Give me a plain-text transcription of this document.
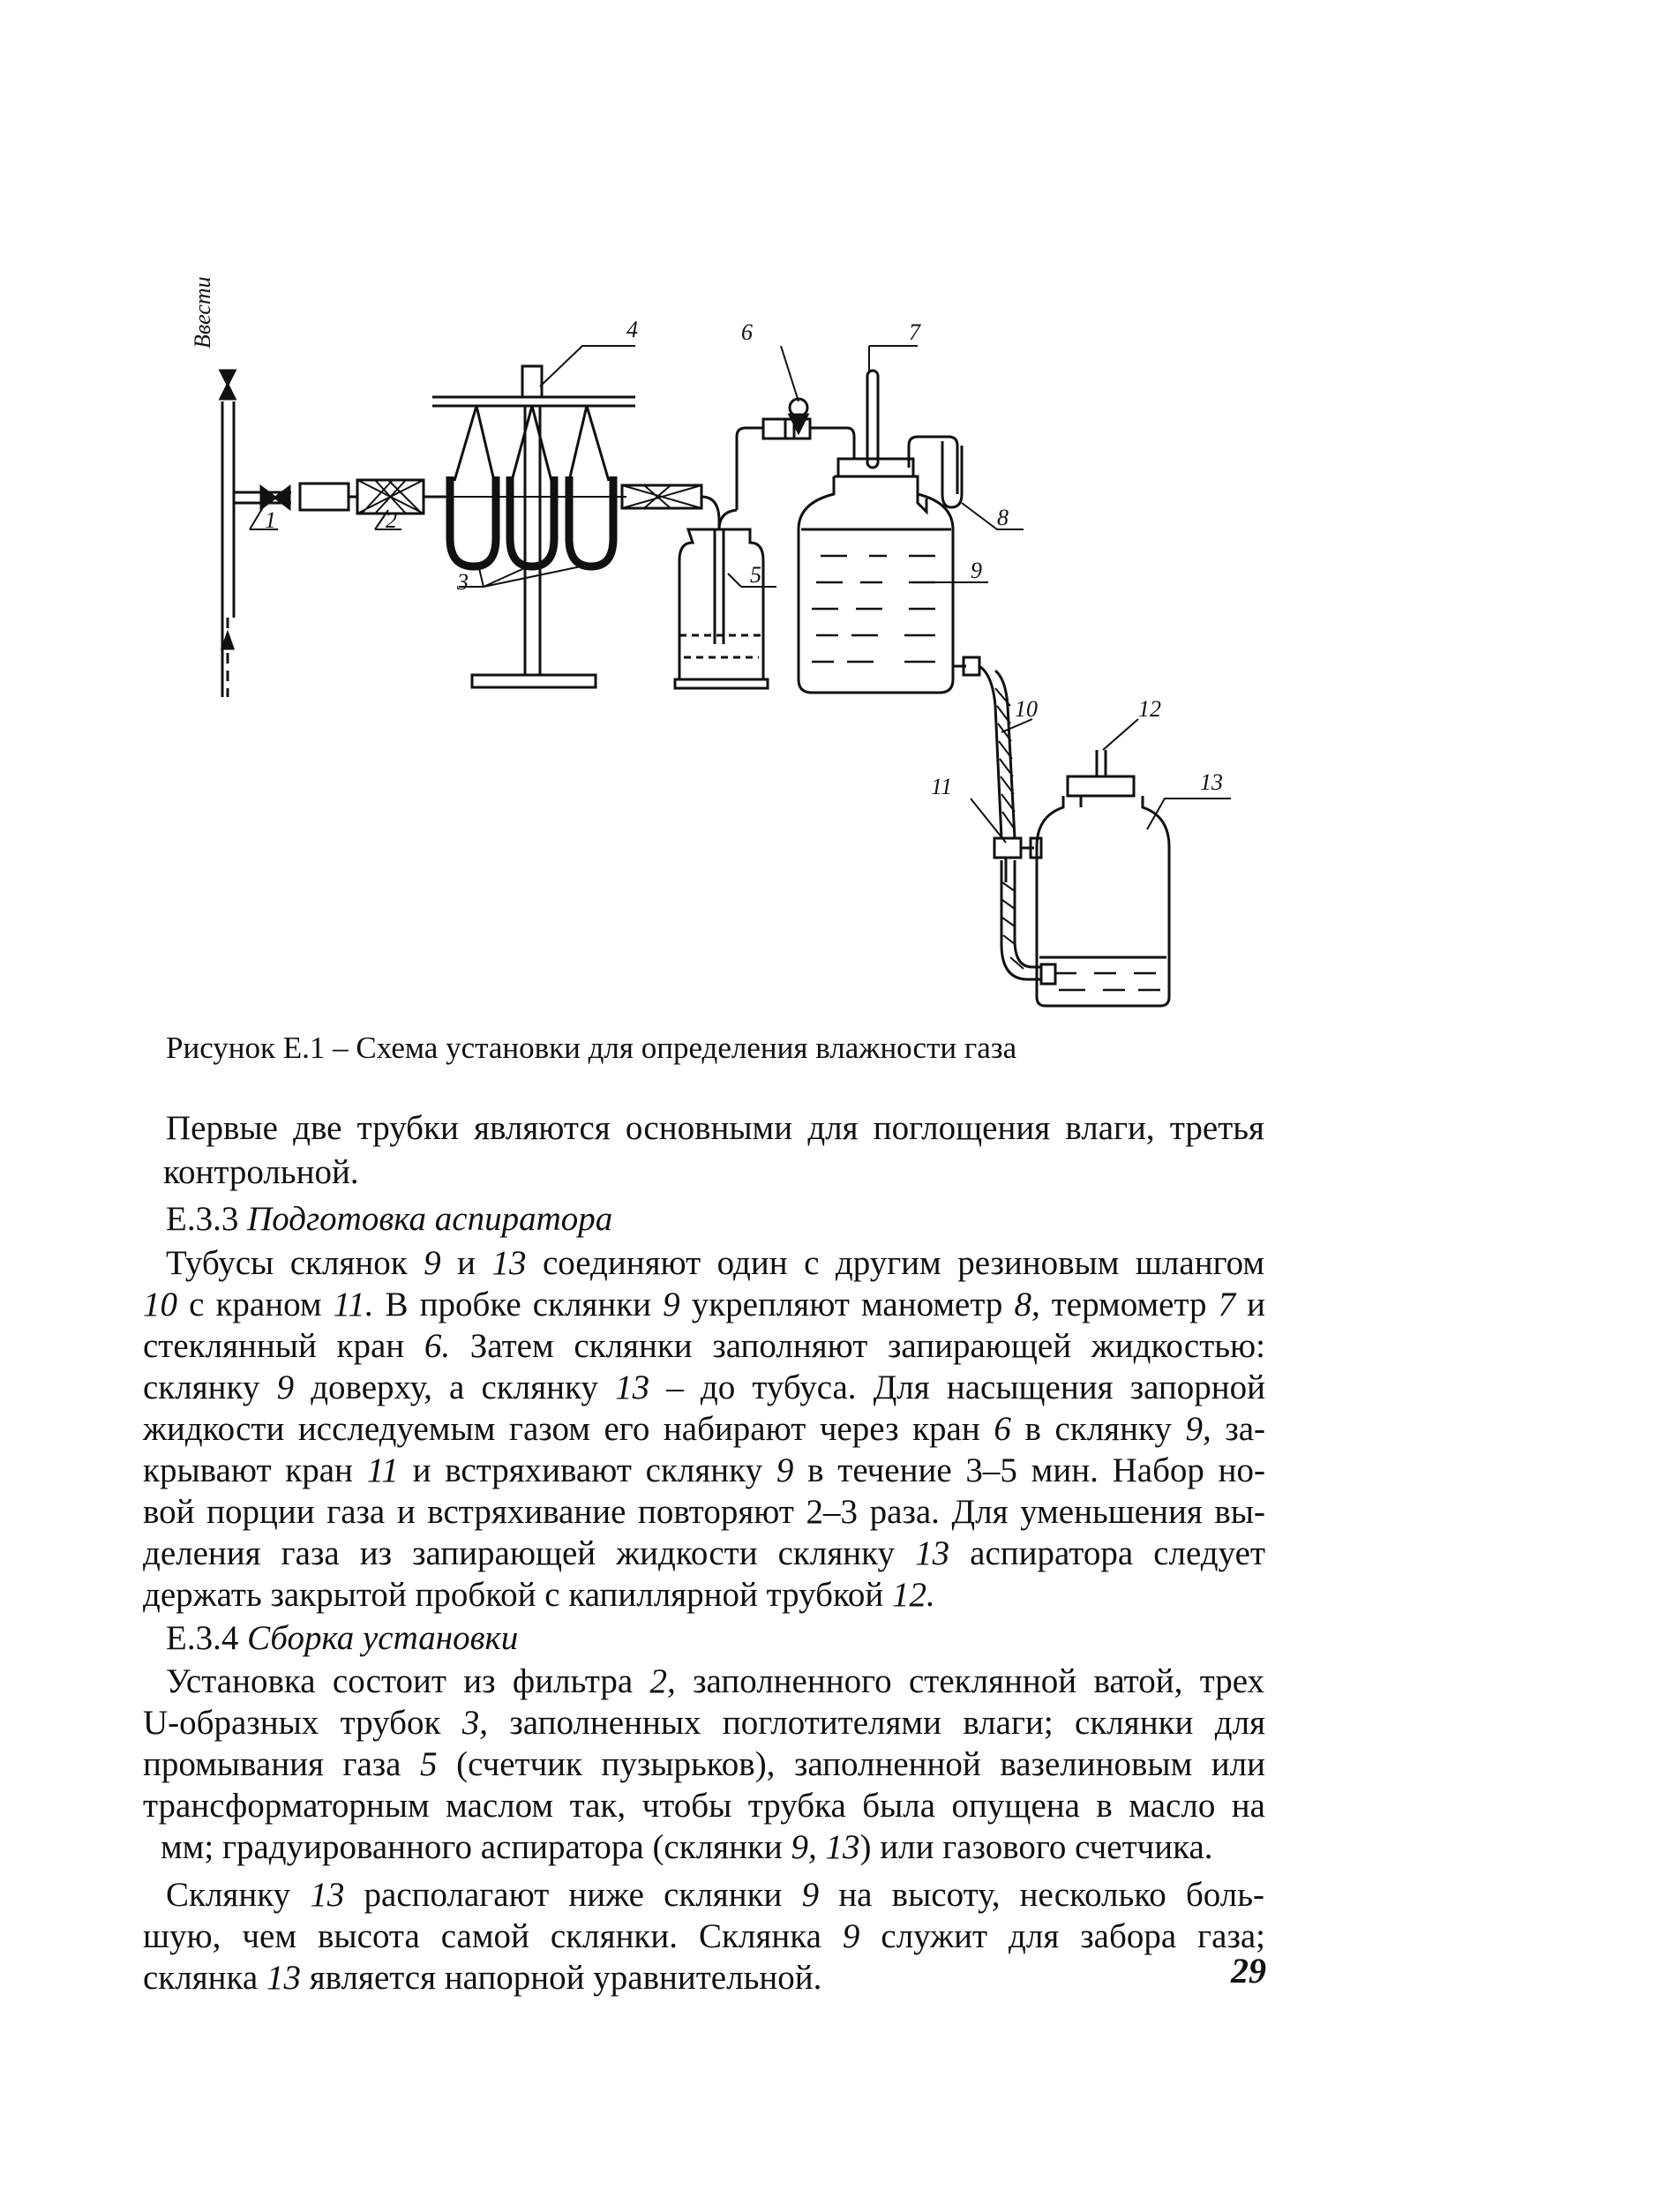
Ввести
1	2
3
4
5
6	7
8
9
10
11
12
13
Рисунок Е.1 – Схема установки для определения влажности газа

Первые две трубки являются основными для поглощения влаги, третья

контрольной.

Е.3.3 Подготовка аспиратора

Тубусы склянок 9 и 13 соединяют один с другим резиновым шлангом

10 с краном 11. В пробке склянки 9 укрепляют манометр 8, термометр 7 и

стеклянный кран 6. Затем склянки заполняют запирающей жидкостью:

склянку 9 доверху, а склянку 13 – до тубуса. Для насыщения запорной

жидкости исследуемым газом его набирают через кран 6 в склянку 9, за-

крывают кран 11 и встряхивают склянку 9 в течение 3–5 мин. Набор но-

вой порции газа и встряхивание повторяют 2–3 раза. Для уменьшения вы-

деления газа из запирающей жидкости склянку 13 аспиратора следует

держать закрытой пробкой с капиллярной трубкой 12.

Е.3.4 Сборка установки

Установка состоит из фильтра 2, заполненного стеклянной ватой, трех

U-образных трубок 3, заполненных поглотителями влаги; склянки для

промывания газа 5 (счетчик пузырьков), заполненной вазелиновым или

трансформаторным маслом так, чтобы трубка была опущена в масло на

мм; градуированного аспиратора (склянки 9, 13) или газового счетчика.

Склянку 13 располагают ниже склянки 9 на высоту, несколько боль-

шую, чем высота самой склянки. Склянка 9 служит для забора газа;

склянка 13 является напорной уравнительной.	29
